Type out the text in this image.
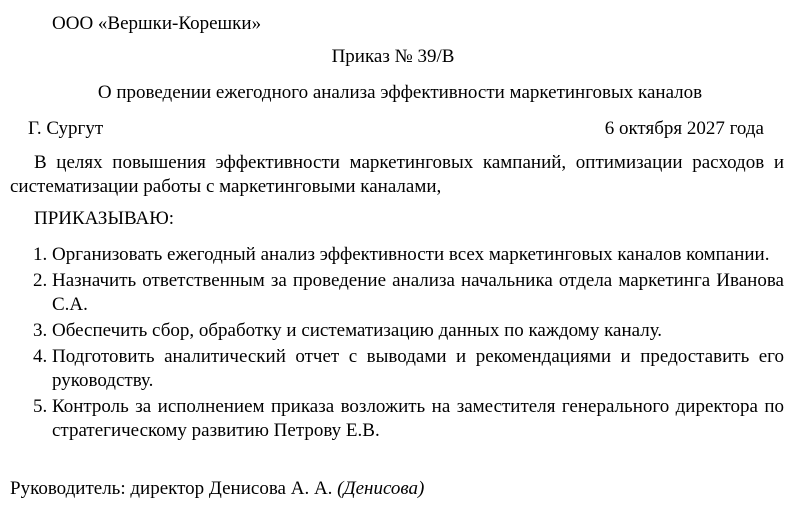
ООО «Вершки-Корешки»
Приказ № 39/В
О проведении ежегодного анализа эффективности маркетинговых каналов
Г. Сургут	6 октября 2027 года
В целях повышения эффективности маркетинговых кампаний, оптимизации расходов и систематизации работы с маркетинговыми каналами,
ПРИКАЗЫВАЮ:
1. Организовать ежегодный анализ эффективности всех маркетинговых каналов компании.
2. Назначить ответственным за проведение анализа начальника отдела маркетинга Иванова С.А.
3. Обеспечить сбор, обработку и систематизацию данных по каждому каналу.
4. Подготовить аналитический отчет с выводами и рекомендациями и предоставить его руководству.
5. Контроль за исполнением приказа возложить на заместителя генерального директора по стратегическому развитию Петрову Е.В.
Руководитель: директор Денисова А. А. (Денисова)
